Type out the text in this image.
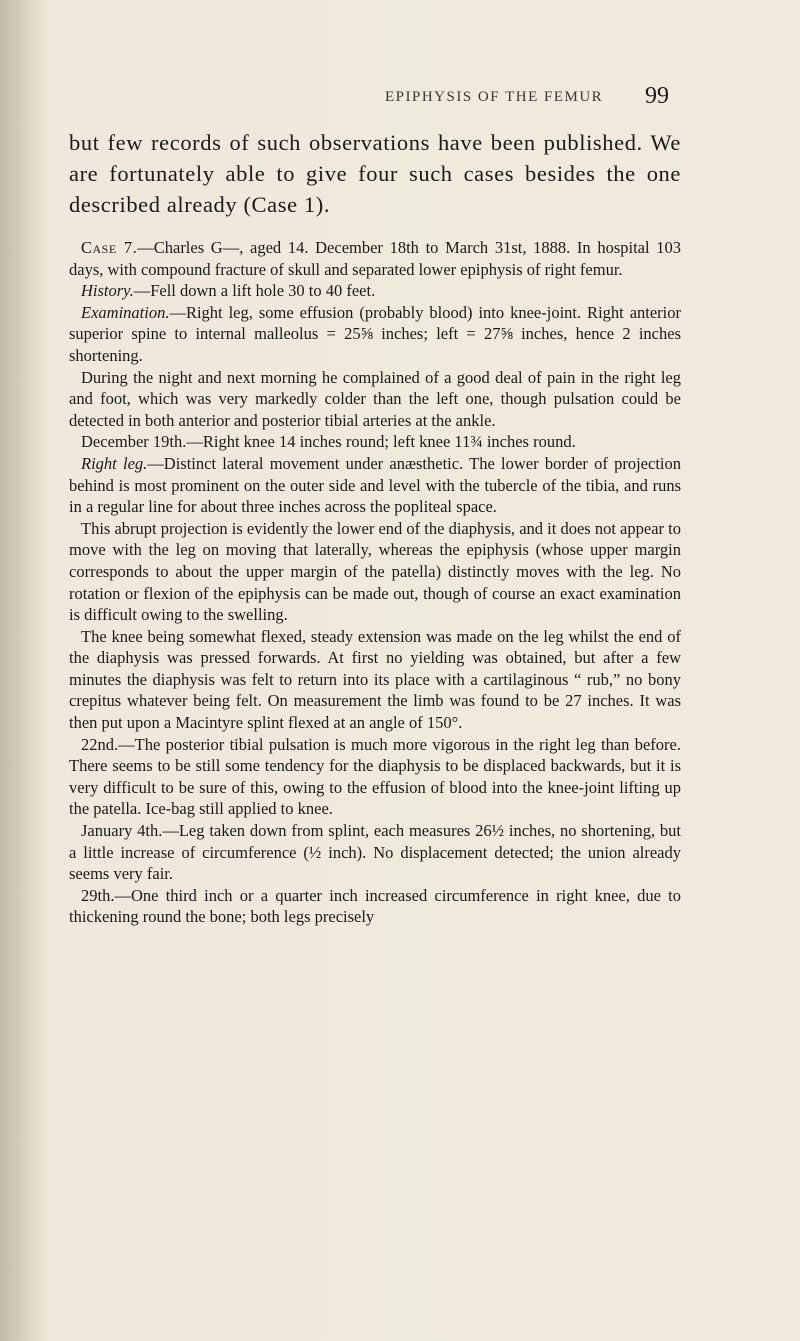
EPIPHYSIS OF THE FEMUR 99

but few records of such observations have been published. We are fortunately able to give four such cases besides the one described already (Case 1).

Case 7.—Charles G—, aged 14. December 18th to March 31st, 1888. In hospital 103 days, with compound fracture of skull and separated lower epiphysis of right femur.

History.—Fell down a lift hole 30 to 40 feet.

Examination.—Right leg, some effusion (probably blood) into knee-joint. Right anterior superior spine to internal malleolus = 25⅝ inches; left = 27⅝ inches, hence 2 inches shortening.

During the night and next morning he complained of a good deal of pain in the right leg and foot, which was very markedly colder than the left one, though pulsation could be detected in both anterior and posterior tibial arteries at the ankle.

December 19th.—Right knee 14 inches round; left knee 11¾ inches round.

Right leg.—Distinct lateral movement under anæsthetic. The lower border of projection behind is most prominent on the outer side and level with the tubercle of the tibia, and runs in a regular line for about three inches across the popliteal space.

This abrupt projection is evidently the lower end of the diaphysis, and it does not appear to move with the leg on moving that laterally, whereas the epiphysis (whose upper margin corresponds to about the upper margin of the patella) distinctly moves with the leg. No rotation or flexion of the epiphysis can be made out, though of course an exact examination is difficult owing to the swelling.

The knee being somewhat flexed, steady extension was made on the leg whilst the end of the diaphysis was pressed forwards. At first no yielding was obtained, but after a few minutes the diaphysis was felt to return into its place with a cartilaginous “ rub,” no bony crepitus whatever being felt. On measurement the limb was found to be 27 inches. It was then put upon a Macintyre splint flexed at an angle of 150°.

22nd.—The posterior tibial pulsation is much more vigorous in the right leg than before. There seems to be still some tendency for the diaphysis to be displaced backwards, but it is very difficult to be sure of this, owing to the effusion of blood into the knee-joint lifting up the patella. Ice-bag still applied to knee.

January 4th.—Leg taken down from splint, each measures 26½ inches, no shortening, but a little increase of circumference (½ inch). No displacement detected; the union already seems very fair.

29th.—One third inch or a quarter inch increased circumference in right knee, due to thickening round the bone; both legs precisely
